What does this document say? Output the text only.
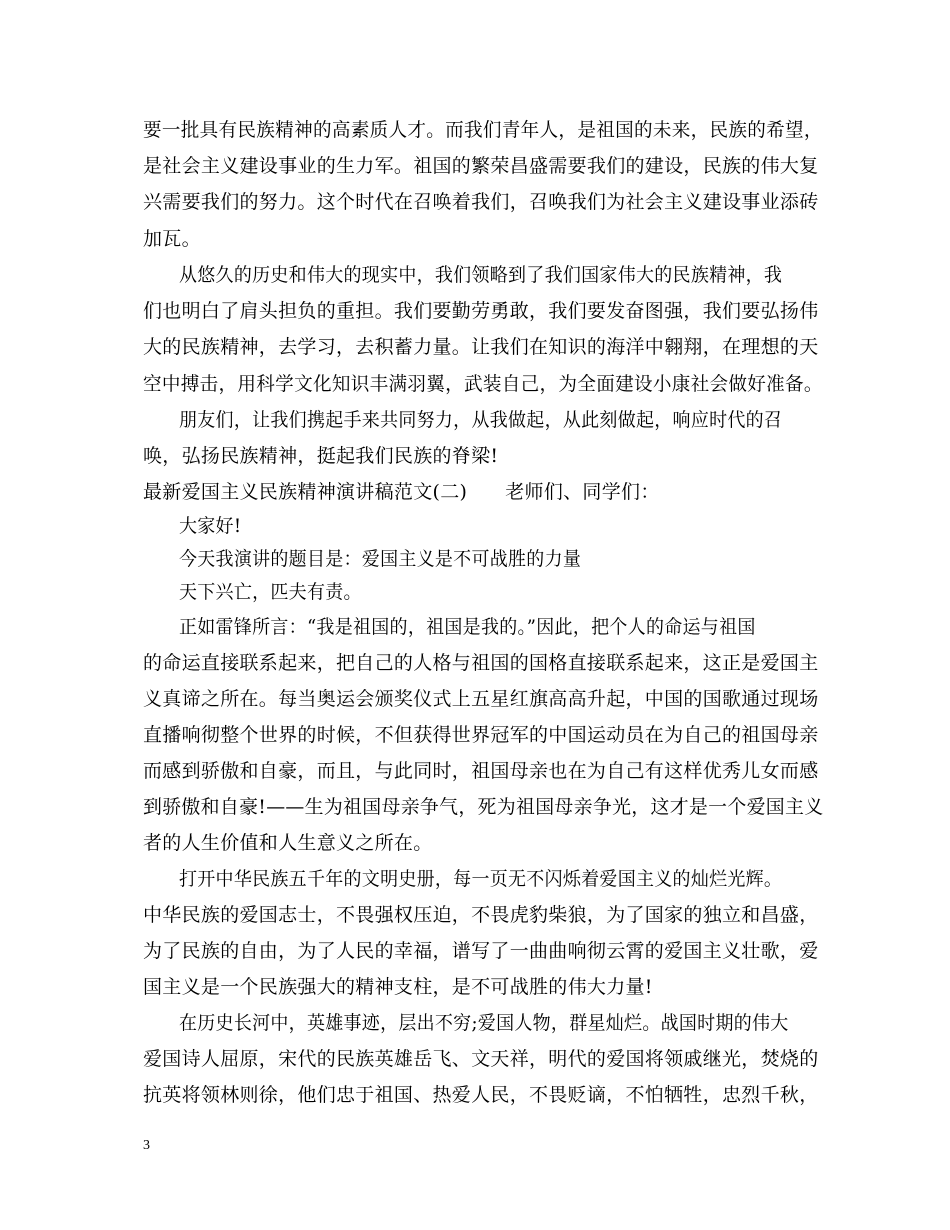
要一批具有民族精神的高素质人才。而我们青年人，是祖国的未来，民族的希望，
是社会主义建设事业的生力军。祖国的繁荣昌盛需要我们的建设，民族的伟大复
兴需要我们的努力。这个时代在召唤着我们，召唤我们为社会主义建设事业添砖
加瓦。
从悠久的历史和伟大的现实中，我们领略到了我们国家伟大的民族精神，我
们也明白了肩头担负的重担。我们要勤劳勇敢，我们要发奋图强，我们要弘扬伟
大的民族精神，去学习，去积蓄力量。让我们在知识的海洋中翱翔，在理想的天
空中搏击，用科学文化知识丰满羽翼，武装自己，为全面建设小康社会做好准备。
朋友们，让我们携起手来共同努力，从我做起，从此刻做起，响应时代的召
唤，弘扬民族精神，挺起我们民族的脊梁!
最新爱国主义民族精神演讲稿范文(二) 老师们、同学们：
大家好!
今天我演讲的题目是：爱国主义是不可战胜的力量
天下兴亡，匹夫有责。
正如雷锋所言：“我是祖国的，祖国是我的。”因此，把个人的命运与祖国
的命运直接联系起来，把自己的人格与祖国的国格直接联系起来，这正是爱国主
义真谛之所在。每当奥运会颁奖仪式上五星红旗高高升起，中国的国歌通过现场
直播响彻整个世界的时候，不但获得世界冠军的中国运动员在为自己的祖国母亲
而感到骄傲和自豪，而且，与此同时，祖国母亲也在为自己有这样优秀儿女而感
到骄傲和自豪!——生为祖国母亲争气，死为祖国母亲争光，这才是一个爱国主义
者的人生价值和人生意义之所在。
打开中华民族五千年的文明史册，每一页无不闪烁着爱国主义的灿烂光辉。
中华民族的爱国志士，不畏强权压迫，不畏虎豹柴狼，为了国家的独立和昌盛，
为了民族的自由，为了人民的幸福，谱写了一曲曲响彻云霄的爱国主义壮歌，爱
国主义是一个民族强大的精神支柱，是不可战胜的伟大力量!
在历史长河中，英雄事迹，层出不穷;爱国人物，群星灿烂。战国时期的伟大
爱国诗人屈原，宋代的民族英雄岳飞、文天祥，明代的爱国将领戚继光，焚烧的
抗英将领林则徐，他们忠于祖国、热爱人民，不畏贬谪，不怕牺牲，忠烈千秋，
3
